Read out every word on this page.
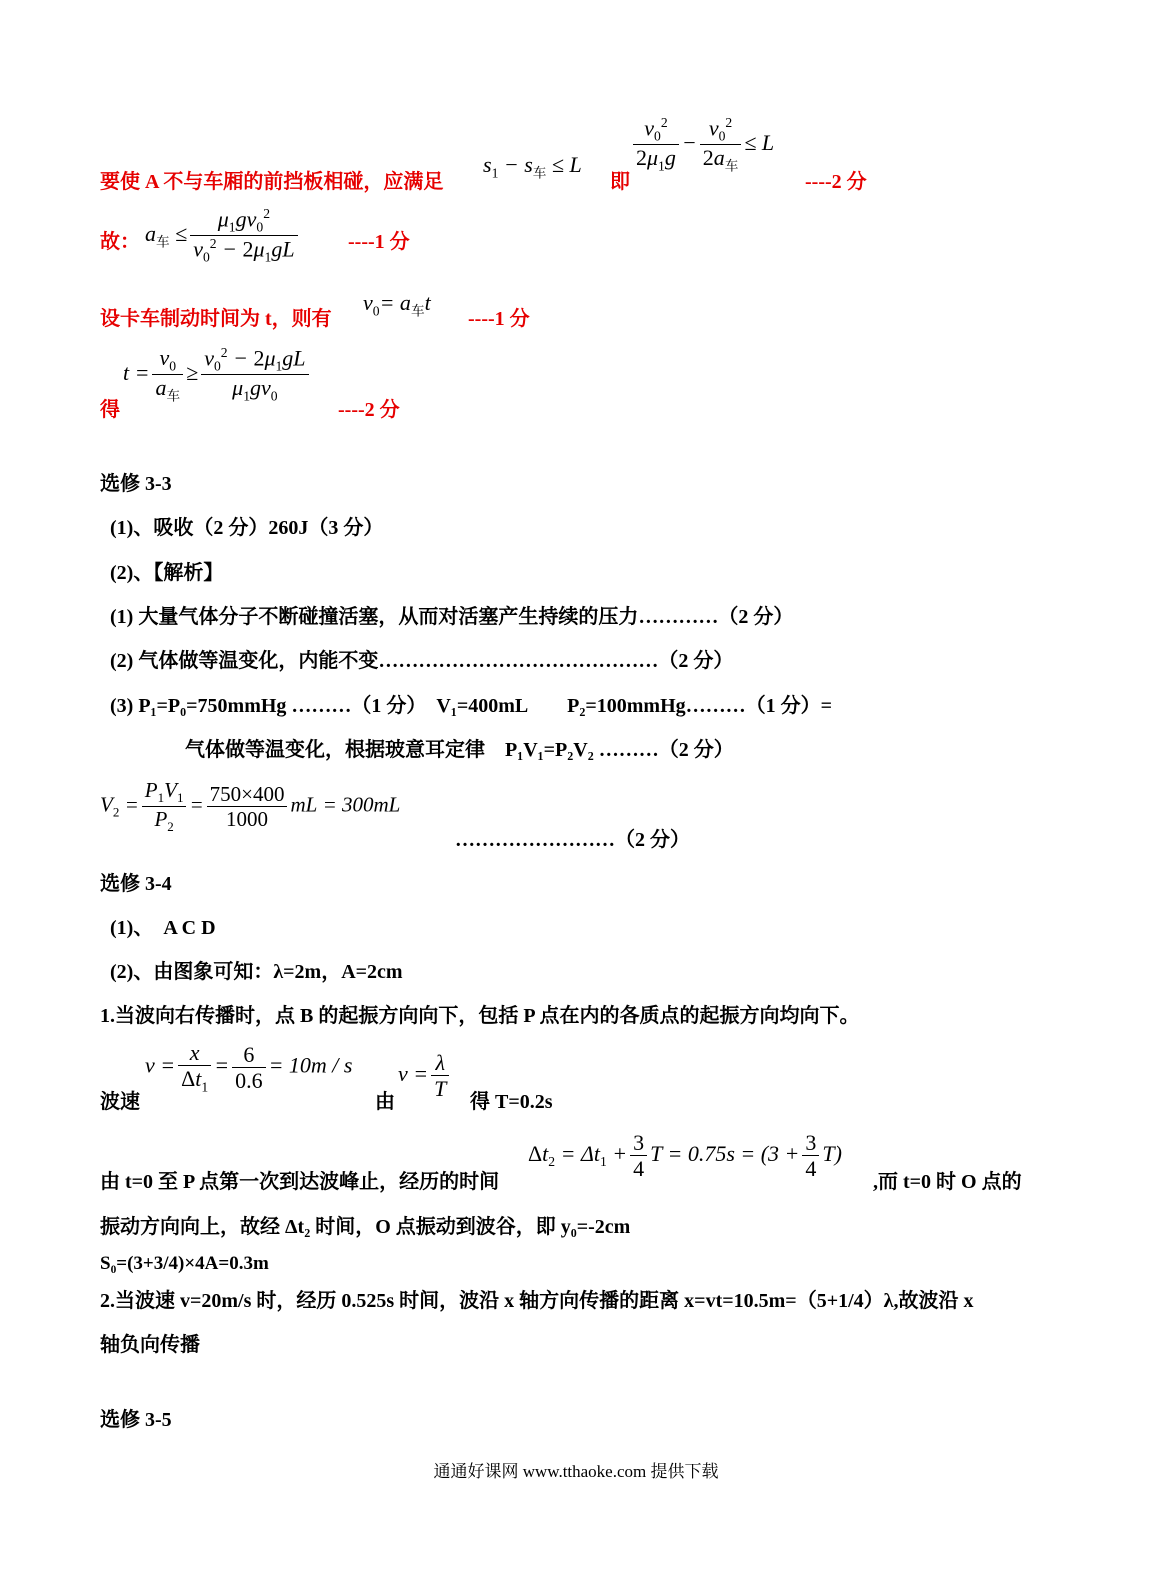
要使 A 不与车厢的前挡板相碰，应满足
$s_1 - s_车 \le L$
即
$\frac{v_0^2}{2\mu_1g} - \frac{v_0^2}{2a_车} \le L$
----2 分
故： $a_车 \le \frac{\mu_1gv_0^2}{v_0^2 - 2\mu_1gL}$	----1 分
设卡车制动时间为 t，则有
$v_0= a_车t$
----1 分
$t = \frac{v_0}{a_车} \ge \frac{v_0^2 - 2\mu_1gL}{\mu_1gv_0}$
得	----2 分
选修 3-3
(1)、吸收（2 分）260J（3 分）
(2)、【解析】
(1) 大量气体分子不断碰撞活塞，从而对活塞产生持续的压力…………（2 分）
(2) 气体做等温变化，内能不变……………………………………（2 分）
(3) P₁=P₀=750mmHg ………（1 分）　V₁=400mL　　P₂=100mmHg………（1 分）=
气体做等温变化，根据玻意耳定律　P₁V₁=P₂V₂ ………（2 分）
$V_2 = \frac{P_1V_1}{P_2} = \frac{750\times 400}{1000}$ mL = 300mL
……………………（2 分）
选修 3-4
(1)、　A C D
(2)、由图象可知：λ=2m，A=2cm
1.当波向右传播时，点 B 的起振方向向下，包括 P 点在内的各质点的起振方向均向下。
$v = \frac{x}{\Delta t_1} = \frac{6}{0.6} = 10m / s$
波速	由
$v = \frac{\lambda}{T}$
得 T=0.2s
由 t=0 至 P 点第一次到达波峰止，经历的时间
$\Delta t_2 = \Delta t_1 + \frac{3}{4}$ $T = 0.75s = (3 + \frac{3}{4} T)$
,而 t=0 时 O 点的
振动方向向上，故经 Δt₂ 时间，O 点振动到波谷，即 y₀=-2cm
S₀=(3+3/4)×4A=0.3m
2.当波速 v=20m/s 时，经历 0.525s 时间，波沿 x 轴方向传播的距离 x=vt=10.5m=（5+1/4）λ,故波沿 x
轴负向传播
选修 3-5
通通好课网 www.tthaoke.com 提供下载
